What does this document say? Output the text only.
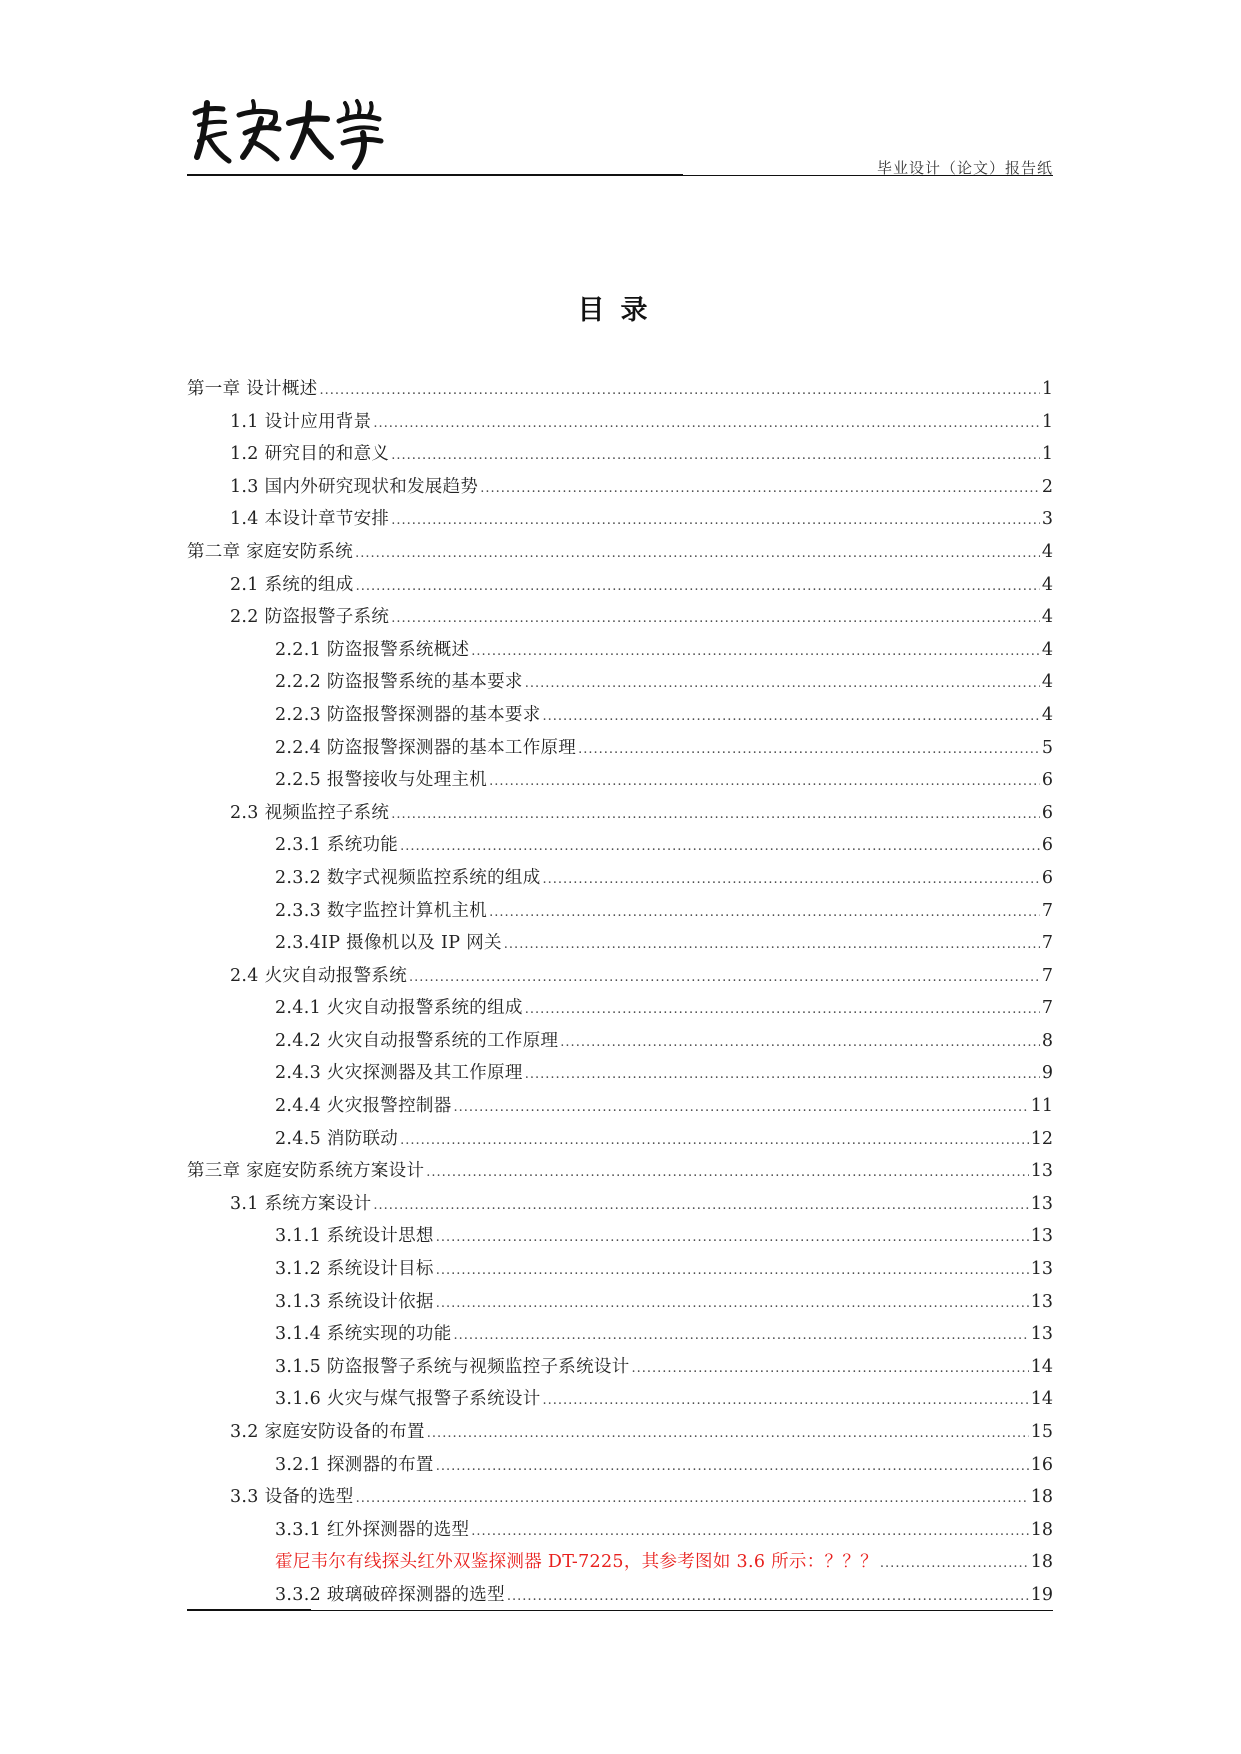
毕业设计（论文）报告纸
目录
第一章 设计概述 .....	1
1.1 设计应用背景 .....	1
1.2 研究目的和意义 .....	1
1.3 国内外研究现状和发展趋势 .....	2
1.4 本设计章节安排 .....	3
第二章 家庭安防系统 .....	4
2.1 系统的组成 .....	4
2.2 防盗报警子系统 .....	4
2.2.1 防盗报警系统概述 .....	4
2.2.2 防盗报警系统的基本要求 .....	4
2.2.3 防盗报警探测器的基本要求 .....	4
2.2.4 防盗报警探测器的基本工作原理 .....	5
2.2.5 报警接收与处理主机 .....	6
2.3 视频监控子系统 .....	6
2.3.1 系统功能 .....	6
2.3.2 数字式视频监控系统的组成 .....	6
2.3.3 数字监控计算机主机 .....	7
2.3.4IP 摄像机以及 IP 网关 .....	7
2.4 火灾自动报警系统 .....	7
2.4.1 火灾自动报警系统的组成 .....	7
2.4.2 火灾自动报警系统的工作原理 .....	8
2.4.3 火灾探测器及其工作原理 .....	9
2.4.4 火灾报警控制器 .....	11
2.4.5 消防联动 .....	12
第三章 家庭安防系统方案设计 .....	13
3.1 系统方案设计 .....	13
3.1.1 系统设计思想 .....	13
3.1.2 系统设计目标 .....	13
3.1.3 系统设计依据 .....	13
3.1.4 系统实现的功能 .....	13
3.1.5 防盗报警子系统与视频监控子系统设计 .....	14
3.1.6 火灾与煤气报警子系统设计 .....	14
3.2 家庭安防设备的布置 .....	15
3.2.1 探测器的布置 .....	16
3.3 设备的选型 .....	18
3.3.1 红外探测器的选型 .....	18
霍尼韦尔有线探头红外双鉴探测器 DT-7225，其参考图如 3.6 所示：？？？ .....	18
3.3.2 玻璃破碎探测器的选型 .....	19
